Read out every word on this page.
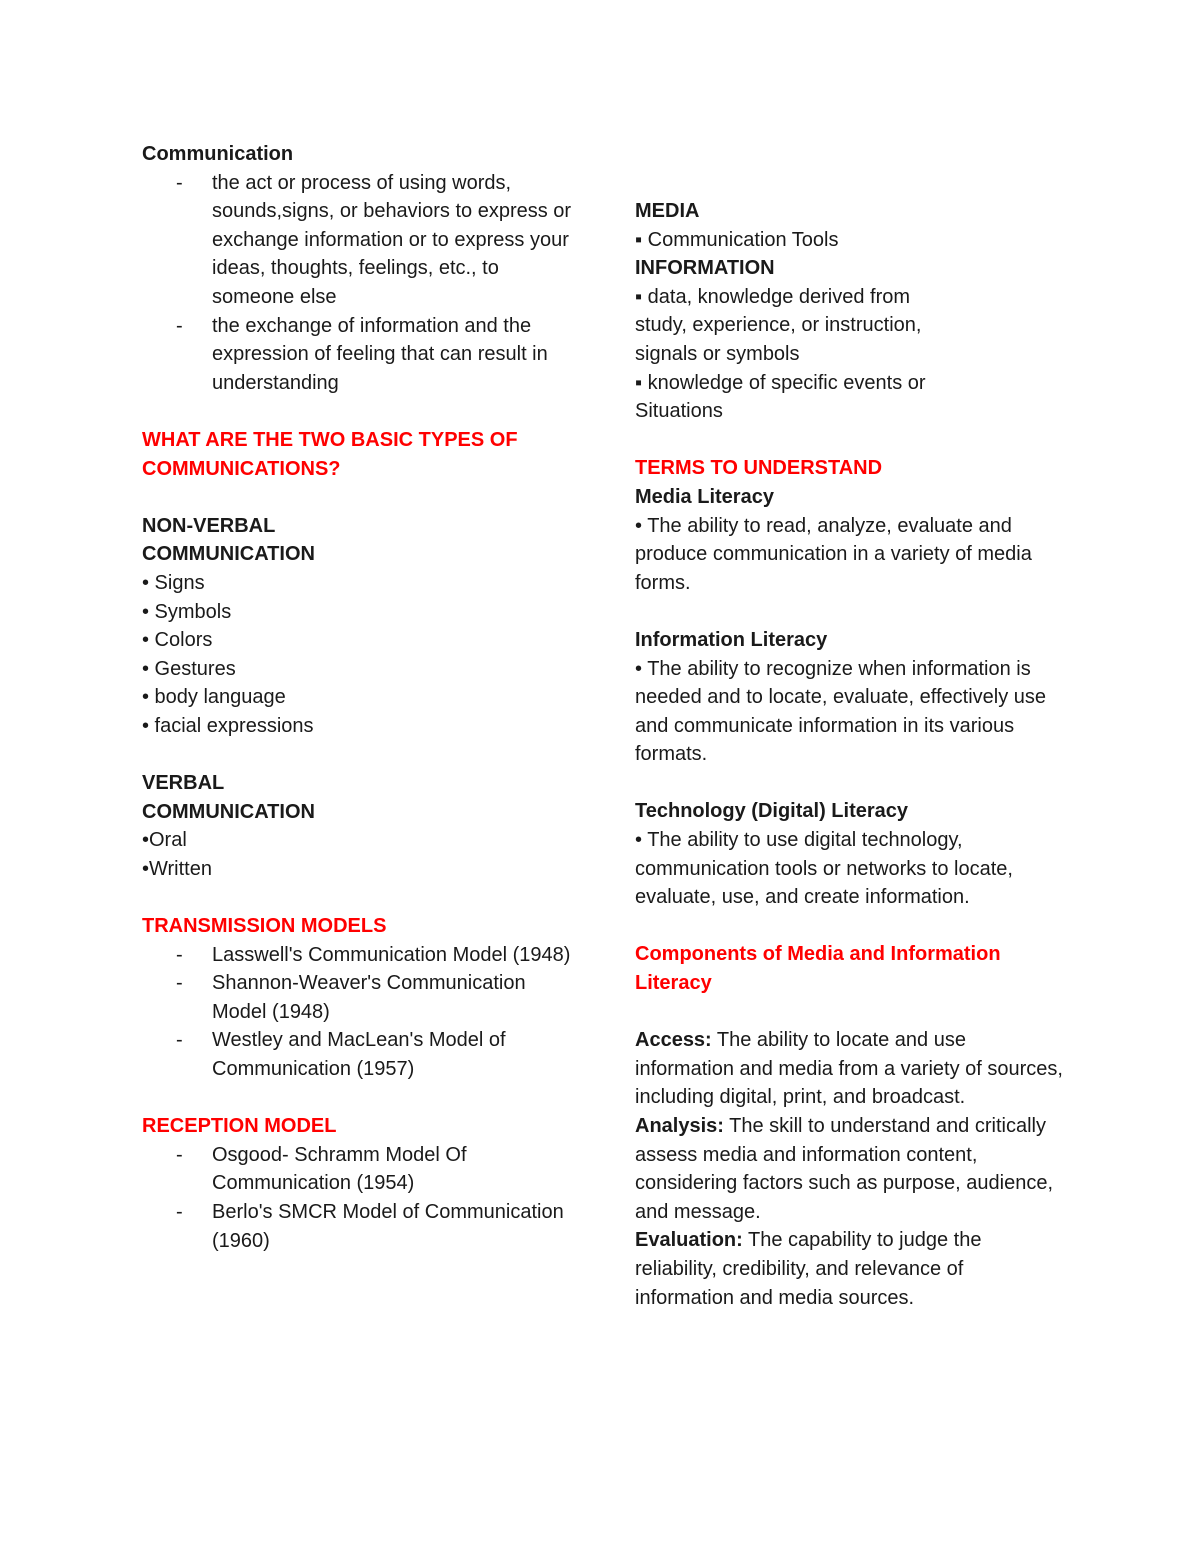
Communication
- the act or process of using words, sounds,signs, or behaviors to express or exchange information or to express your ideas, thoughts, feelings, etc., to someone else
- the exchange of information and the expression of feeling that can result in understanding
WHAT ARE THE TWO BASIC TYPES OF COMMUNICATIONS?
NON-VERBAL
COMMUNICATION
• Signs
• Symbols
• Colors
• Gestures
• body language
• facial expressions
VERBAL
COMMUNICATION
•Oral
•Written
TRANSMISSION MODELS
- Lasswell's Communication Model (1948)
- Shannon-Weaver's Communication Model (1948)
- Westley and MacLean's Model of Communication (1957)
RECEPTION MODEL
- Osgood- Schramm Model Of Communication (1954)
- Berlo's SMCR Model of Communication (1960)
MEDIA
▪ Communication Tools
INFORMATION
▪ data, knowledge derived from
study, experience, or instruction,
signals or symbols
▪ knowledge of specific events or
Situations
TERMS TO UNDERSTAND
Media Literacy
• The ability to read, analyze, evaluate and produce communication in a variety of media forms.
Information Literacy
• The ability to recognize when information is needed and to locate, evaluate, effectively use and communicate information in its various formats.
Technology (Digital) Literacy
• The ability to use digital technology, communication tools or networks to locate, evaluate, use, and create information.
Components of Media and Information Literacy
Access: The ability to locate and use information and media from a variety of sources, including digital, print, and broadcast.
Analysis: The skill to understand and critically assess media and information content, considering factors such as purpose, audience, and message.
Evaluation: The capability to judge the reliability, credibility, and relevance of information and media sources.
